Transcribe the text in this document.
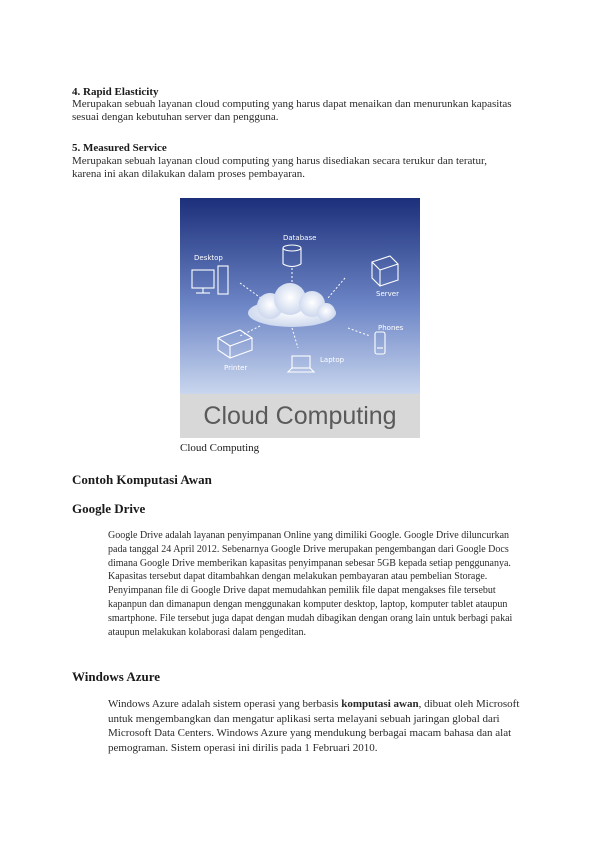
4. Rapid Elasticity
Merupakan sebuah layanan cloud computing yang harus dapat menaikan dan menurunkan kapasitas sesuai dengan kebutuhan server dan pengguna.
5. Measured Service
Merupakan sebuah layanan cloud computing yang harus disediakan secara terukur dan teratur, karena ini akan dilakukan dalam proses pembayaran.
Database
Desktop
Server
Phones
Printer
Laptop
Cloud Computing
Cloud Computing
Contoh Komputasi Awan
Google Drive
Google Drive adalah layanan penyimpanan Online yang dimiliki Google. Google Drive diluncurkan pada tanggal 24 April 2012. Sebenarnya Google Drive merupakan pengembangan dari Google Docs dimana Google Drive memberikan kapasitas penyimpanan sebesar 5GB kepada setiap penggunanya. Kapasitas tersebut dapat ditambahkan dengan melakukan pembayaran atau pembelian Storage. Penyimpanan file di Google Drive dapat memudahkan pemilik file dapat mengakses file tersebut kapanpun dan dimanapun dengan menggunakan komputer desktop, laptop, komputer tablet ataupun smartphone. File tersebut juga dapat dengan mudah dibagikan dengan orang lain untuk berbagi pakai ataupun melakukan kolaborasi dalam pengeditan.
Windows Azure
Windows Azure adalah sistem operasi yang berbasis komputasi awan, dibuat oleh Microsoft untuk mengembangkan dan mengatur aplikasi serta melayani sebuah jaringan global dari Microsoft Data Centers. Windows Azure yang mendukung berbagai macam bahasa dan alat pemograman. Sistem operasi ini dirilis pada 1 Februari 2010.
